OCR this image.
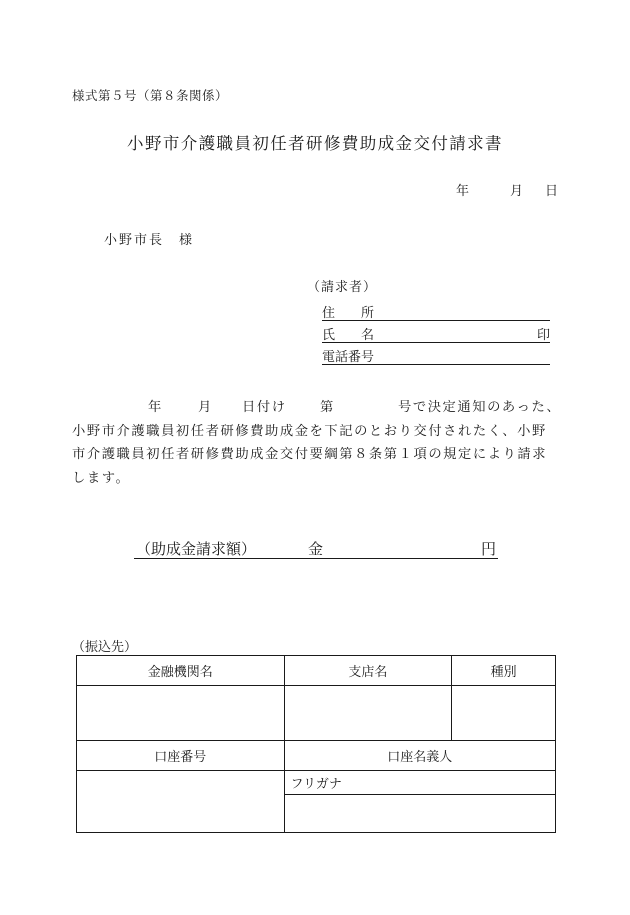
様式第５号（第８条関係）
小野市介護職員初任者研修費助成金交付請求書
年	月 日
小野市長　様
（請求者）
住　　所
氏　　名	印
電話番号
年	月 日付け	第	号で決定通知のあった、
小野市介護職員初任者研修費助成金を下記のとおり交付されたく、小野
市介護職員初任者研修費助成金交付要綱第８条第１項の規定により請求
します。
（助成金請求額）	金	円
（振込先）
金融機関名	支店名	種別

口座番号	口座名義人	
	フリガナ	
